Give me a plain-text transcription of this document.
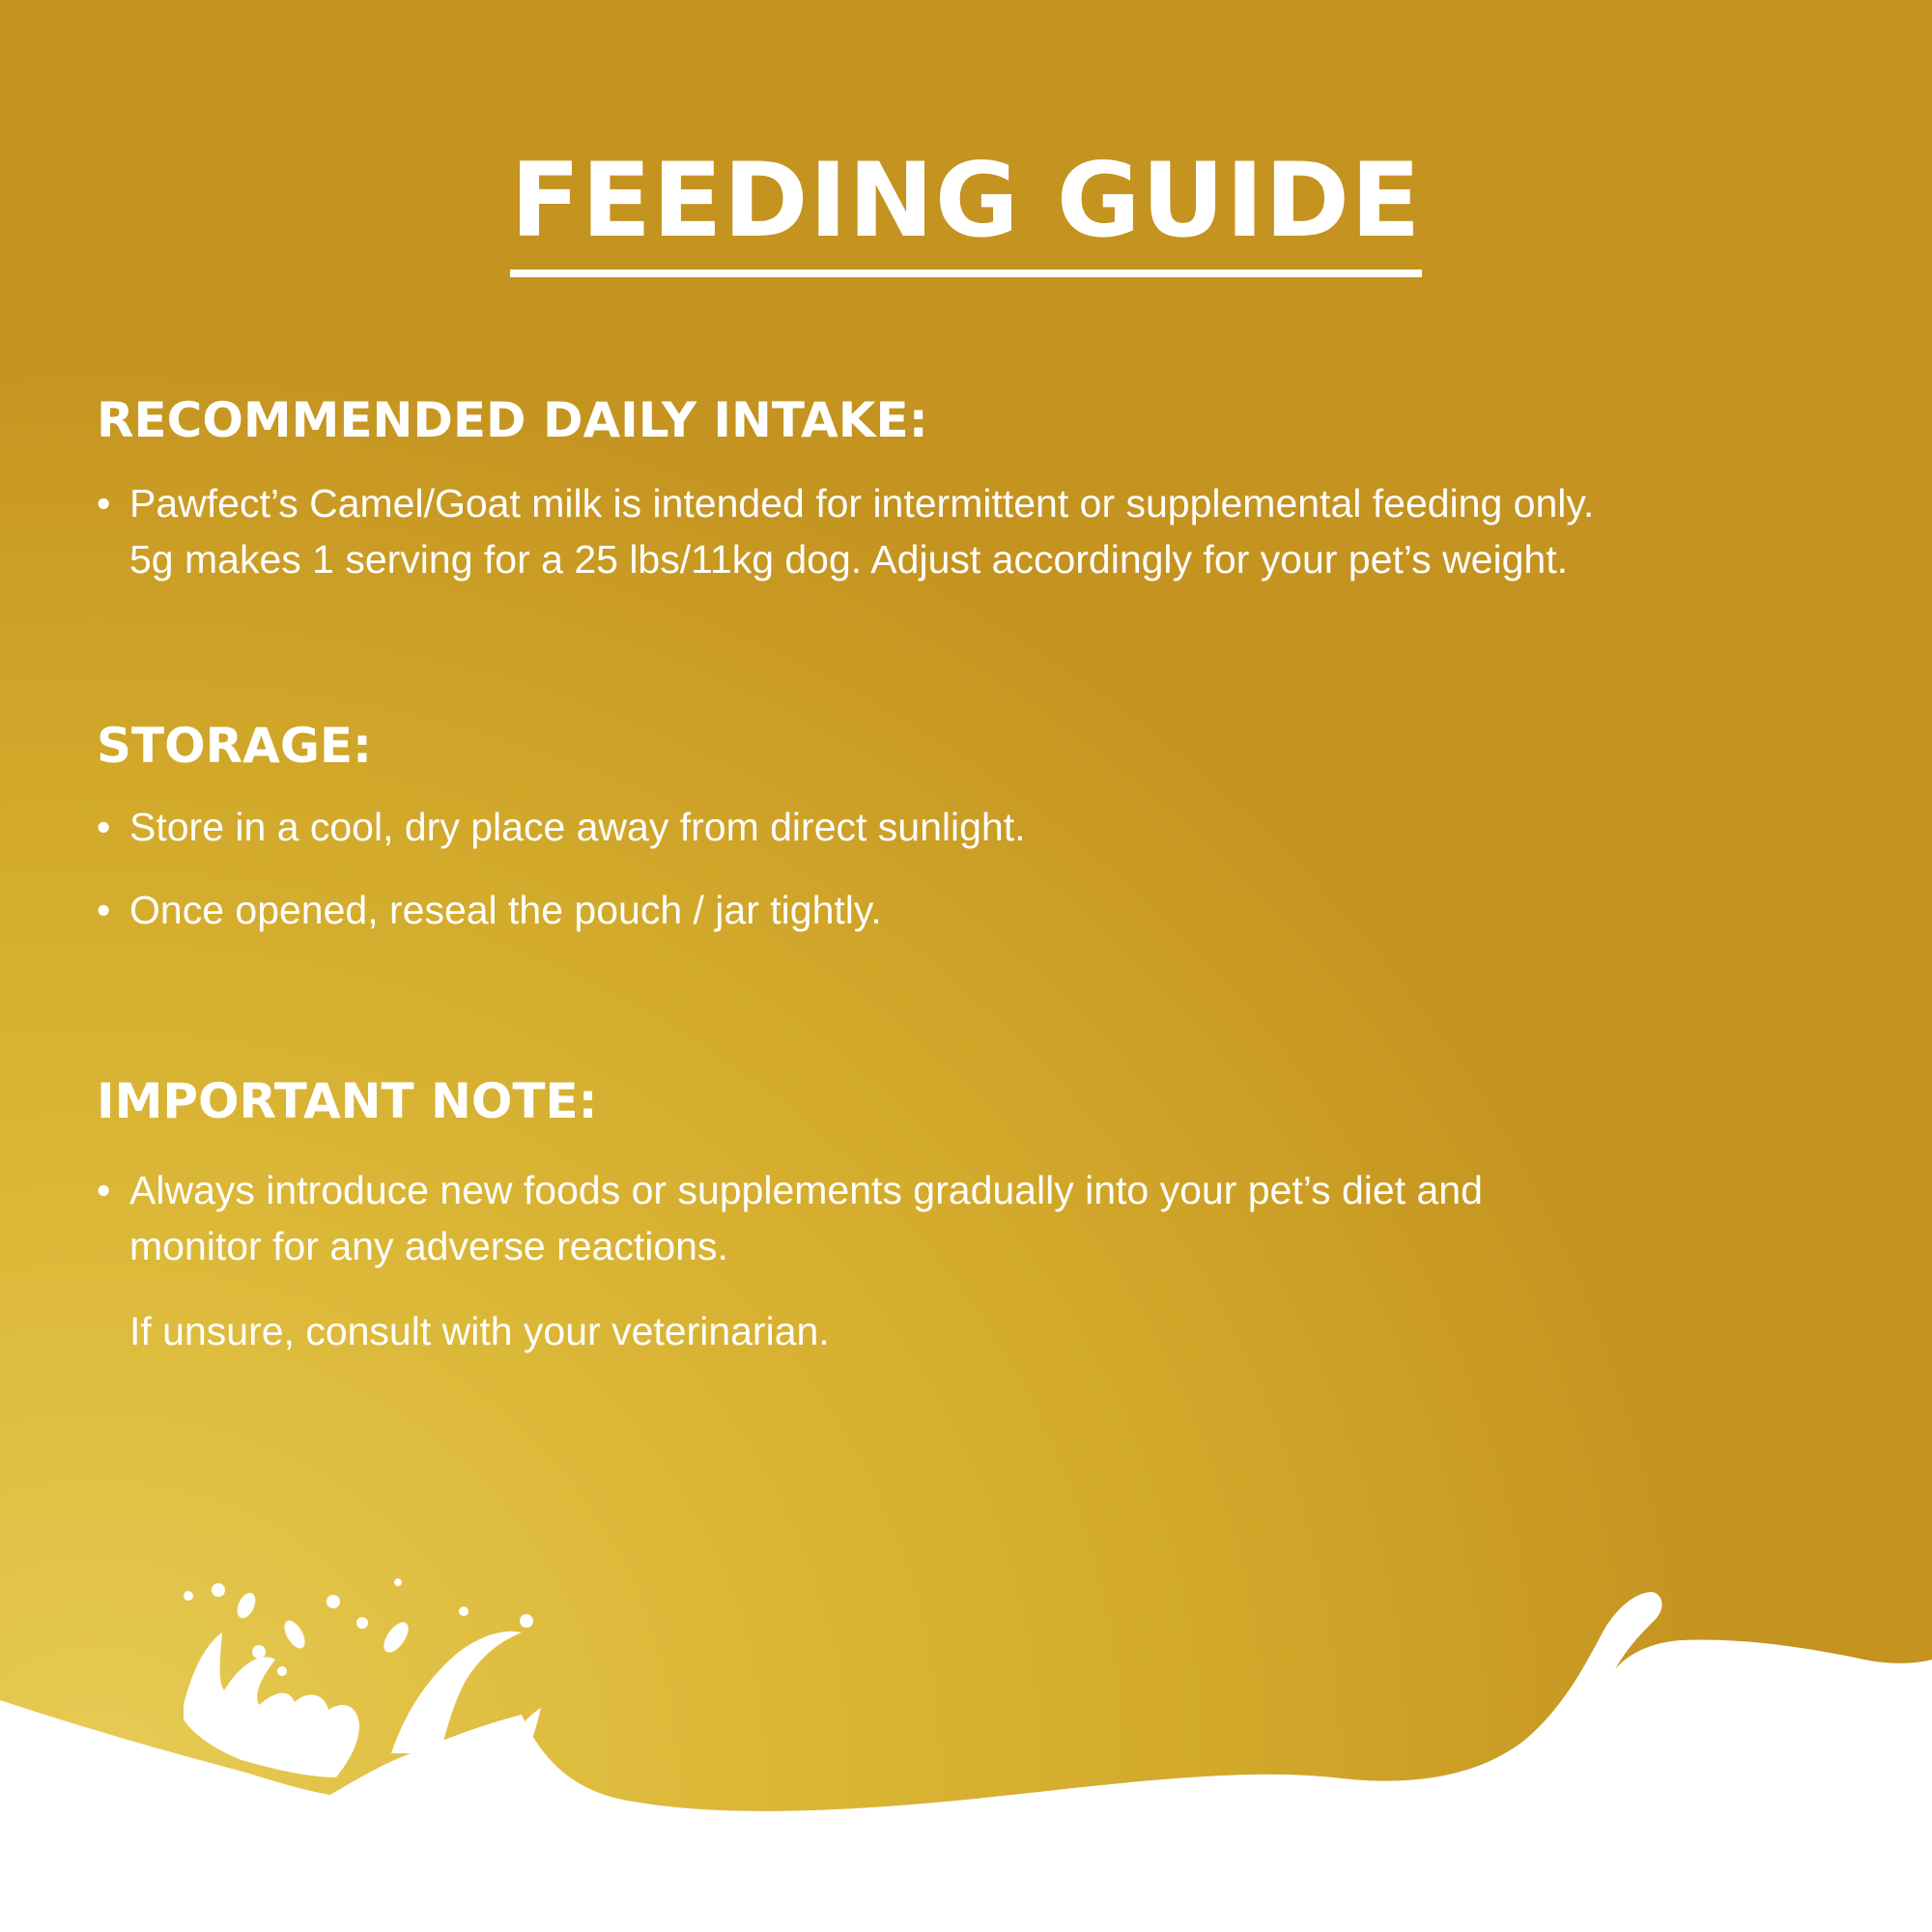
FEEDING GUIDE
RECOMMENDED DAILY INTAKE:

• Pawfect’s Camel/Goat milk is intended for intermittent or supplemental feeding only.
5g makes 1 serving for a 25 lbs/11kg dog. Adjust accordingly for your pet’s weight.

STORAGE:

• Store in a cool, dry place away from direct sunlight.

• Once opened, reseal the pouch / jar tightly.

IMPORTANT NOTE:

• Always introduce new foods or supplements gradually into your pet’s diet and
monitor for any adverse reactions.

If unsure, consult with your veterinarian.
